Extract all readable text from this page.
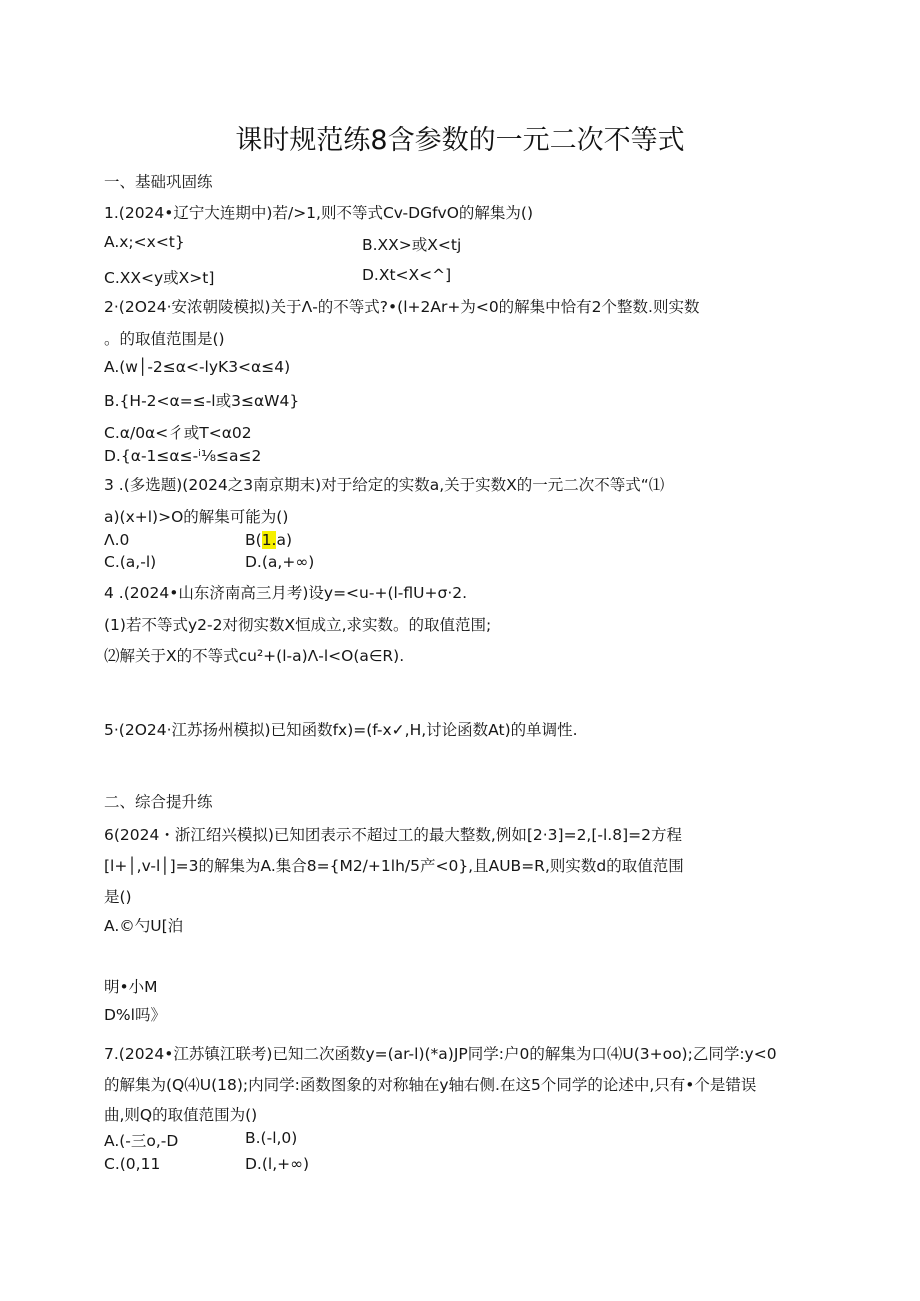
课时规范练8含参数的一元二次不等式
一、基础巩固练
1.(2024•辽宁大连期中)若/>1,则不等式Cv-DGfvO的解集为()
A.x;<x<t}	B.XX>或X<tj
C.XX<y或X>t]	D.Xt<X<^]
2·(2O24·安浓朝陵模拟)关于Λ-的不等式?•(l+2Ar+为<0的解集中恰有2个整数.则实数
。的取值范围是()
A.(w│-2≤α<-lyK3<α≤4)
B.{H-2<α=≤-l或3≤αW4}
C.α/0α<彳或T<α02
D.{α-1≤α≤-ⁱ⅛≤a≤2
3 .(多选题)(2024之3南京期末)对于给定的实数a,关于实数X的一元二次不等式“⑴
a)(x+l)>O的解集可能为()
Λ.0	B(1.a)
C.(a,-l)	D.(a,+∞)
4 .(2024•山东济南高三月考)设y=<u-+(l-flU+σ·2.
(1)若不等式y2-2对彻实数X恒成立,求实数。的取值范围;
⑵解关于X的不等式cu²+(l-a)Λ-l<O(a∈R).
5·(2O24·江苏扬州模拟)已知函数fx)=(f-x✓,H,讨论函数At)的单调性.
二、综合提升练
6(2024・浙江绍兴模拟)已知团表示不超过工的最大整数,例如[2·3]=2,[-l.8]=2方程
[l+│,v-l│]=3的解集为A.集合8={M2∕+1lh/5产<0},且AUB=R,则实数d的取值范围
是()
A.©勺U[泊
明•小M
D%l吗》
7.(2024•江苏镇江联考)已知二次函数y=(ar-l)(*a)JP同学:户0的解集为口⑷U(3+oo);乙同学:y<0
的解集为(Q⑷U(18);内同学:函数图象的对称轴在y轴右侧.在这5个同学的论述中,只有•个是错误
曲,则Q的取值范围为()
A.(-三o,-D	B.(-l,0)
C.(0,11	D.(l,+∞)
